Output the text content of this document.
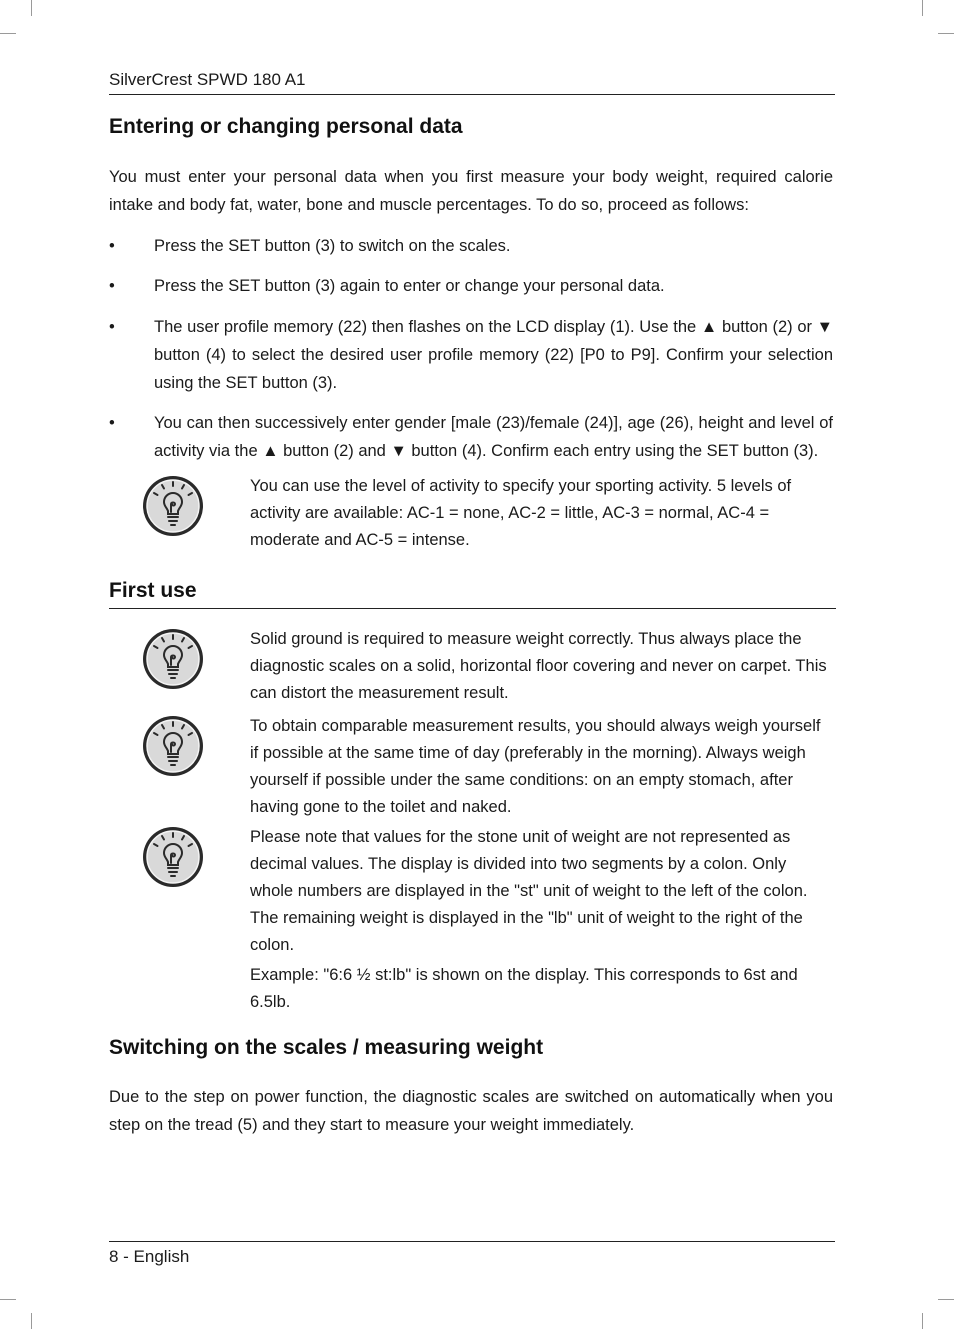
SilverCrest SPWD 180 A1
Entering or changing personal data

You must enter your personal data when you first measure your body weight, required calorie intake and body fat, water, bone and muscle percentages. To do so, proceed as follows:

•	Press the SET button (3) to switch on the scales.
•	Press the SET button (3) again to enter or change your personal data.
•	The user profile memory (22) then flashes on the LCD display (1). Use the ▲ button (2) or ▼ button (4) to select the desired user profile memory (22) [P0 to P9]. Confirm your selection using the SET button (3).
•	You can then successively enter gender [male (23)/female (24)], age (26), height and level of activity via the ▲ button (2) and ▼ button (4). Confirm each entry using the SET button (3).

You can use the level of activity to specify your sporting activity. 5 levels of activity are available: AC-1 = none, AC-2 = little, AC-3 = normal, AC-4 = moderate and AC-5 = intense.

First use

Solid ground is required to measure weight correctly. Thus always place the diagnostic scales on a solid, horizontal floor covering and never on carpet. This can distort the measurement result.

To obtain comparable measurement results, you should always weigh yourself if possible at the same time of day (preferably in the morning). Always weigh yourself if possible under the same conditions: on an empty stomach, after having gone to the toilet and naked.

Please note that values for the stone unit of weight are not represented as decimal values. The display is divided into two segments by a colon. Only whole numbers are displayed in the "st" unit of weight to the left of the colon. The remaining weight is displayed in the "lb" unit of weight to the right of the colon.

Example: "6:6 ½ st:lb" is shown on the display. This corresponds to 6st and 6.5lb.

Switching on the scales / measuring weight

Due to the step on power function, the diagnostic scales are switched on automatically when you step on the tread (5) and they start to measure your weight immediately.

8 - English
